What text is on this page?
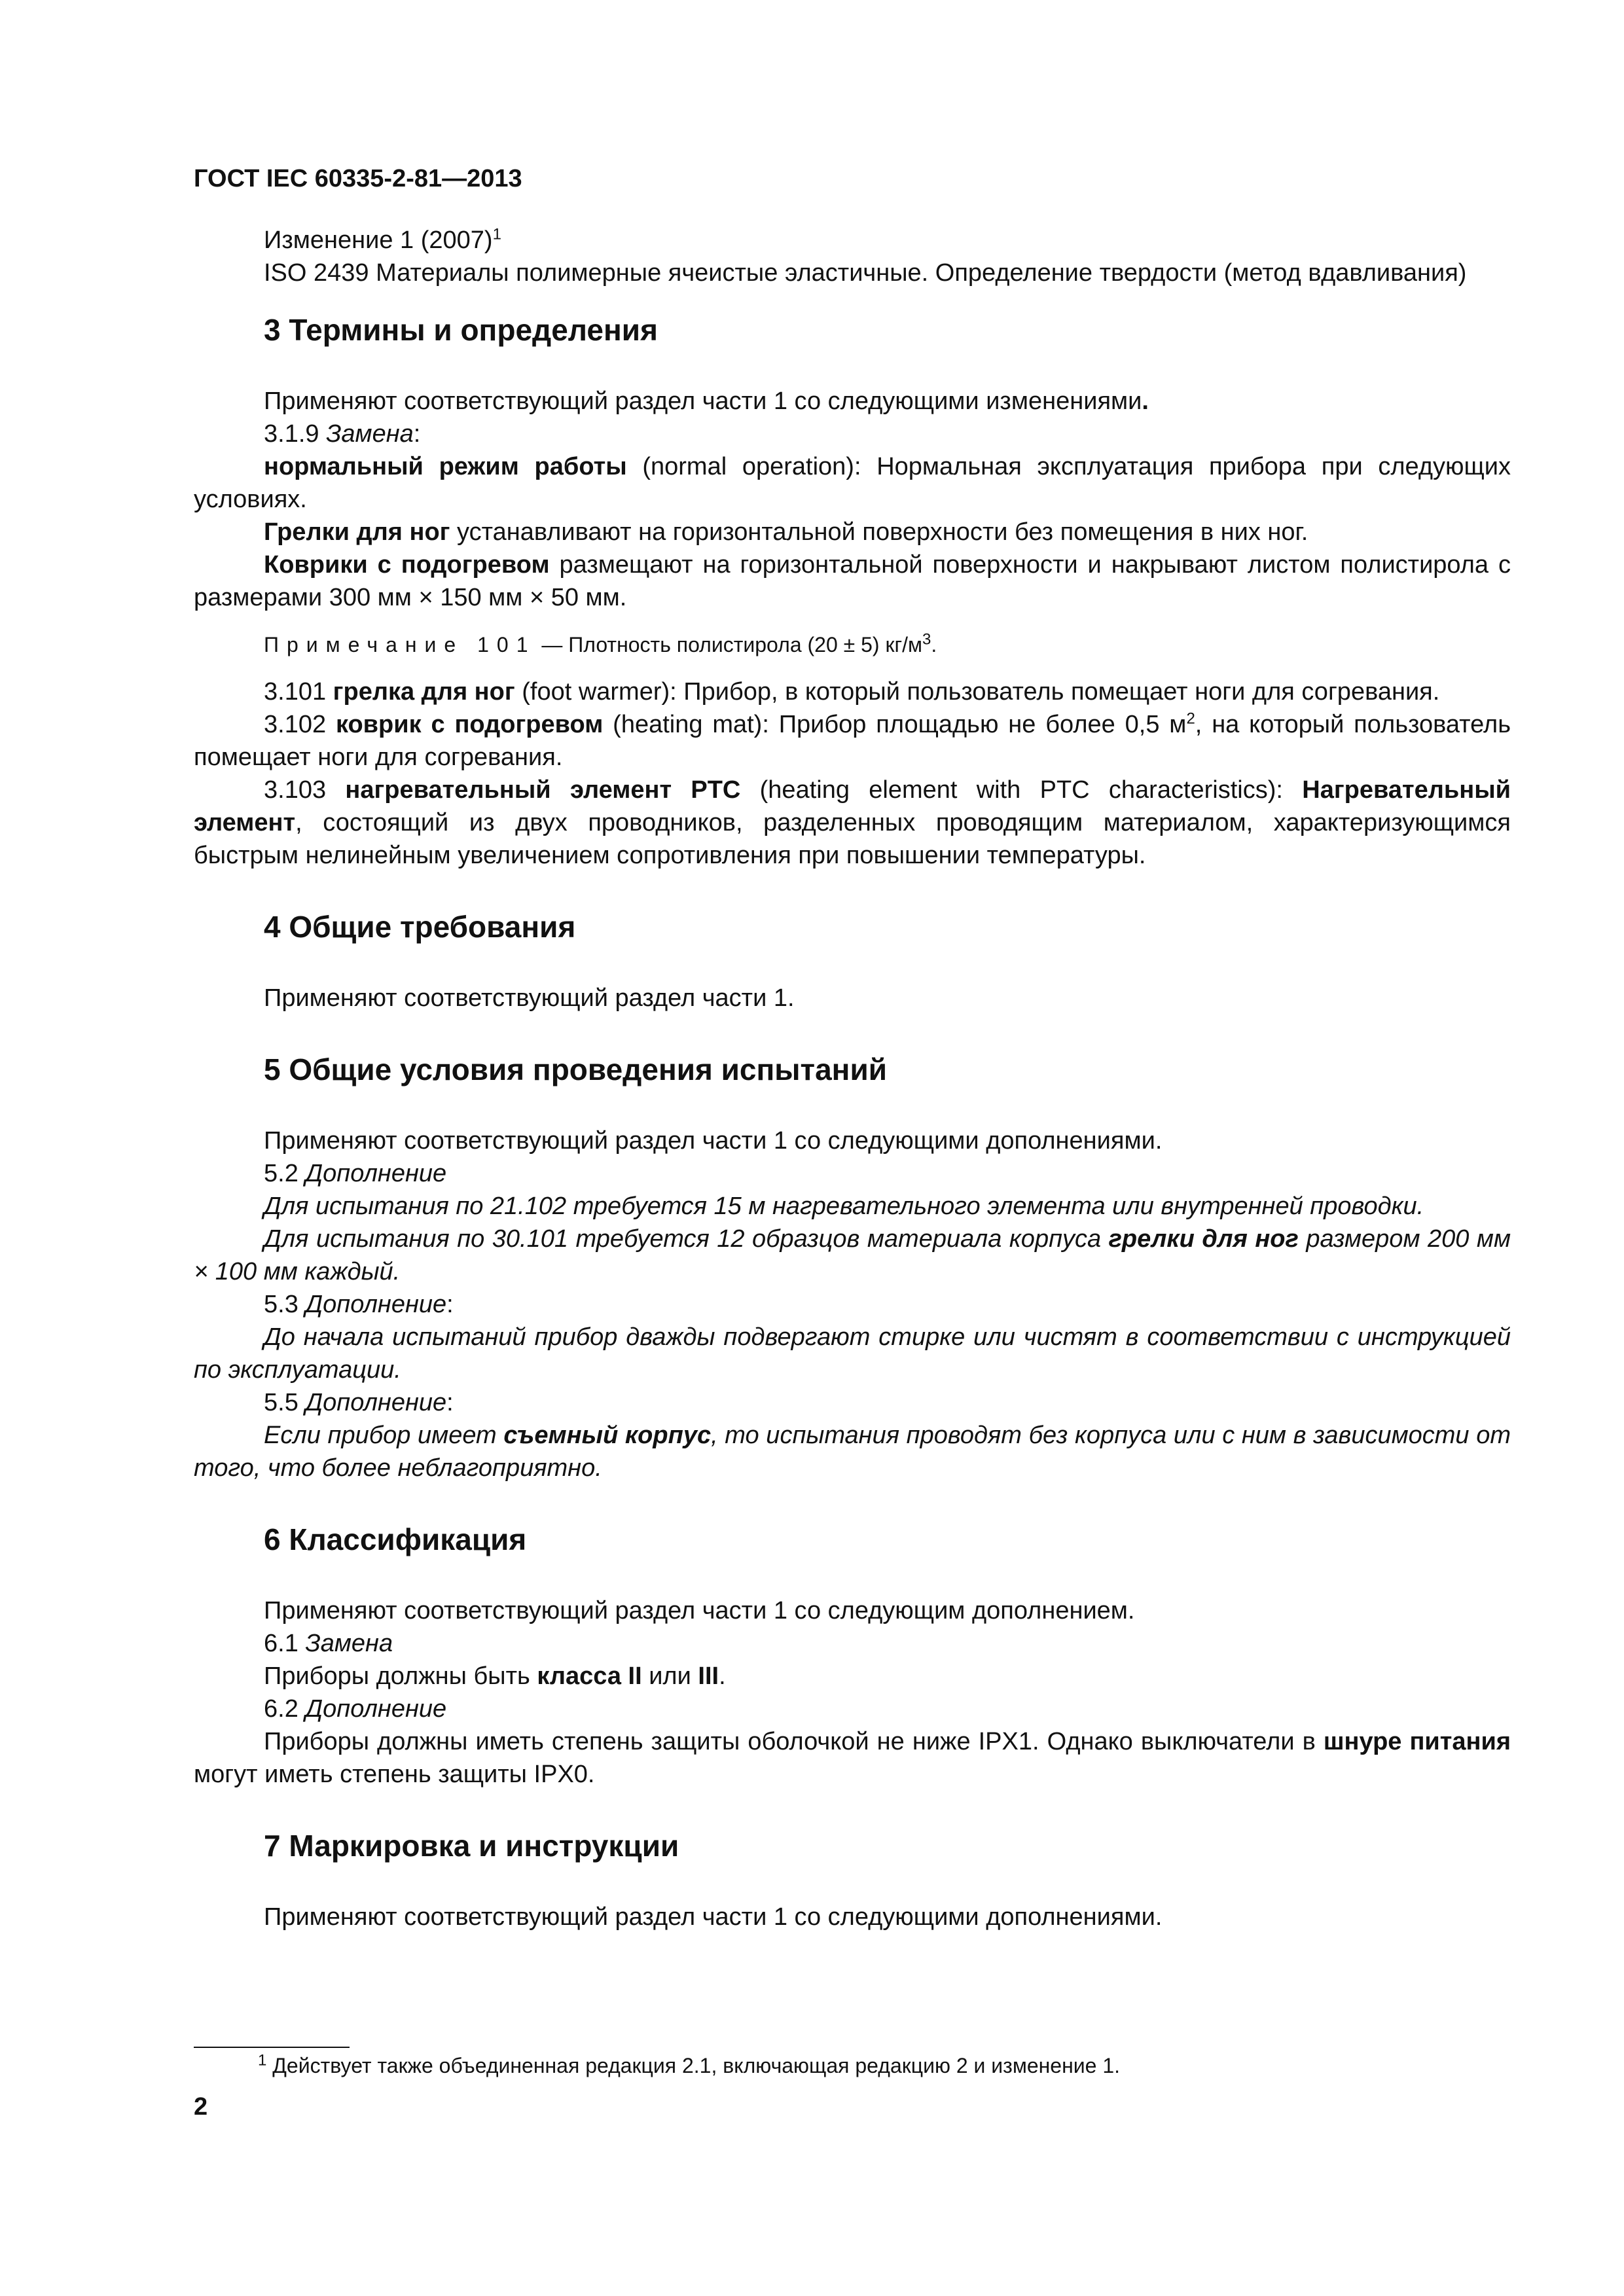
ГОСТ IEC 60335-2-81—2013

Изменение 1 $(2007)^1$

ISO 2439 Материалы полимерные ячеистые эластичные. Определение твердости (метод вдавливания)

3 Термины и определения

Применяют соответствующий раздел части 1 со следующими изменениями.

3.1.9 Замена:

нормальный режим работы (normal operation): Нормальная эксплуатация прибора при следующих условиях.

Грелки для ног устанавливают на горизонтальной поверхности без помещения в них ног.

Коврики с подогревом размещают на горизонтальной поверхности и накрывают листом полистирола с размерами 300 мм × 150 мм × 50 мм.

Примечание 101 — Плотность полистирола (20 ± 5) $кг/м^3$.

3.101 грелка для ног (foot warmer): Прибор, в который пользователь помещает ноги для согревания.

3.102 коврик с подогревом (heating mat): Прибор площадью не более 0,5 $м^2$, на который пользователь помещает ноги для согревания.

3.103 нагревательный элемент PTC (heating element with PTC characteristics): Нагревательный элемент, состоящий из двух проводников, разделенных проводящим материалом, характеризующимся быстрым нелинейным увеличением сопротивления при повышении температуры.

4 Общие требования

Применяют соответствующий раздел части 1.

5 Общие условия проведения испытаний

Применяют соответствующий раздел части 1 со следующими дополнениями.

5.2 Дополнение

Для испытания по 21.102 требуется 15 м нагревательного элемента или внутренней проводки.

Для испытания по 30.101 требуется 12 образцов материала корпуса грелки для ног размером 200 мм × 100 мм каждый.

5.3 Дополнение:

До начала испытаний прибор дважды подвергают стирке или чистят в соответствии с инструкцией по эксплуатации.

5.5 Дополнение:

Если прибор имеет съемный корпус, то испытания проводят без корпуса или с ним в зависимости от того, что более неблагоприятно.

6 Классификация

Применяют соответствующий раздел части 1 со следующим дополнением.

6.1 Замена

Приборы должны быть класса II или III.

6.2 Дополнение

Приборы должны иметь степень защиты оболочкой не ниже IPX1. Однако выключатели в шнуре питания могут иметь степень защиты IPX0.

7 Маркировка и инструкции

Применяют соответствующий раздел части 1 со следующими дополнениями.

$^1$ Действует также объединенная редакция 2.1, включающая редакцию 2 и изменение 1.
2
